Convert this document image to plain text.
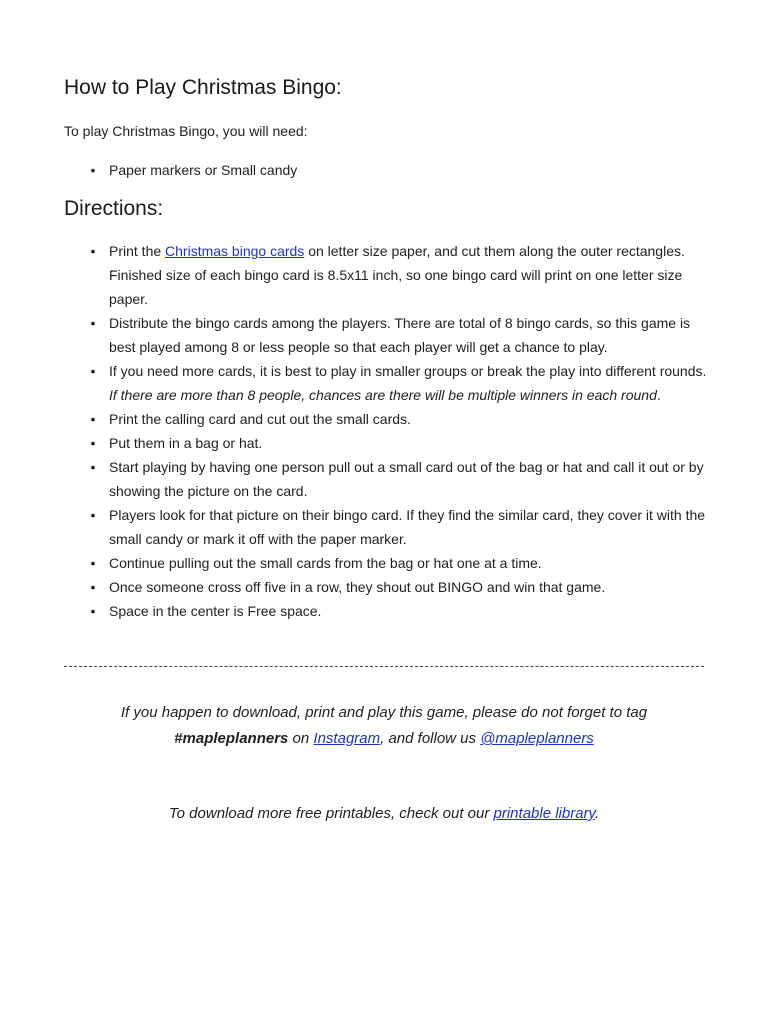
How to Play Christmas Bingo:

To play Christmas Bingo, you will need:

• Paper markers or Small candy
Directions:
• Print the Christmas bingo cards on letter size paper, and cut them along the outer rectangles. Finished size of each bingo card is 8.5x11 inch, so one bingo card will print on one letter size paper.
• Distribute the bingo cards among the players. There are total of 8 bingo cards, so this game is best played among 8 or less people so that each player will get a chance to play.
• If you need more cards, it is best to play in smaller groups or break the play into different rounds. If there are more than 8 people, chances are there will be multiple winners in each round.
• Print the calling card and cut out the small cards.
• Put them in a bag or hat.
• Start playing by having one person pull out a small card out of the bag or hat and call it out or by showing the picture on the card.
• Players look for that picture on their bingo card. If they find the similar card, they cover it with the small candy or mark it off with the paper marker.
• Continue pulling out the small cards from the bag or hat one at a time.
• Once someone cross off five in a row, they shout out BINGO and win that game.
• Space in the center is Free space.

If you happen to download, print and play this game, please do not forget to tag
#mapleplanners on Instagram, and follow us @mapleplanners

To download more free printables, check out our printable library.
